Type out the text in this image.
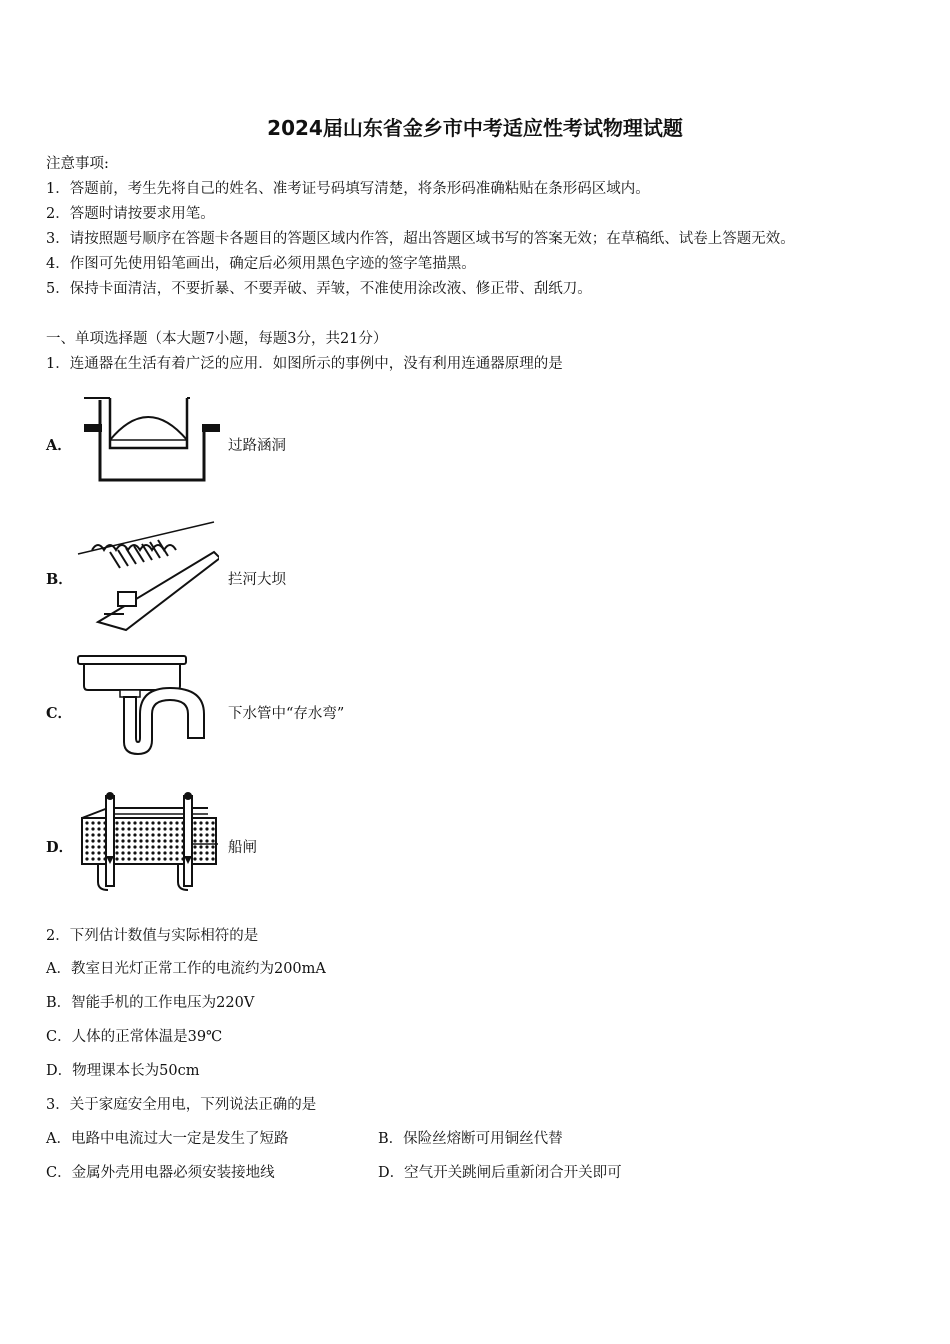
2024届山东省金乡市中考适应性考试物理试题
注意事项:
1．答题前，考生先将自己的姓名、准考证号码填写清楚，将条形码准确粘贴在条形码区域内。
2．答题时请按要求用笔。
3．请按照题号顺序在答题卡各题目的答题区域内作答，超出答题区域书写的答案无效；在草稿纸、试卷上答题无效。
4．作图可先使用铅笔画出，确定后必须用黑色字迹的签字笔描黑。
5．保持卡面清洁，不要折暴、不要弄破、弄皱，不准使用涂改液、修正带、刮纸刀。
一、单项选择题（本大题7小题，每题3分，共21分）
1．连通器在生活有着广泛的应用．如图所示的事例中，没有利用连通器原理的是
A．	过路涵洞
B．	拦河大坝
C．	下水管中“存水弯”
D．	船闸
2．下列估计数值与实际相符的是
A．教室日光灯正常工作的电流约为200mA
B．智能手机的工作电压为220V
C．人体的正常体温是39℃
D．物理课本长为50cm
3．关于家庭安全用电，下列说法正确的是
A．电路中电流过大一定是发生了短路	B．保险丝熔断可用铜丝代替
C．金属外壳用电器必须安装接地线	D．空气开关跳闸后重新闭合开关即可
